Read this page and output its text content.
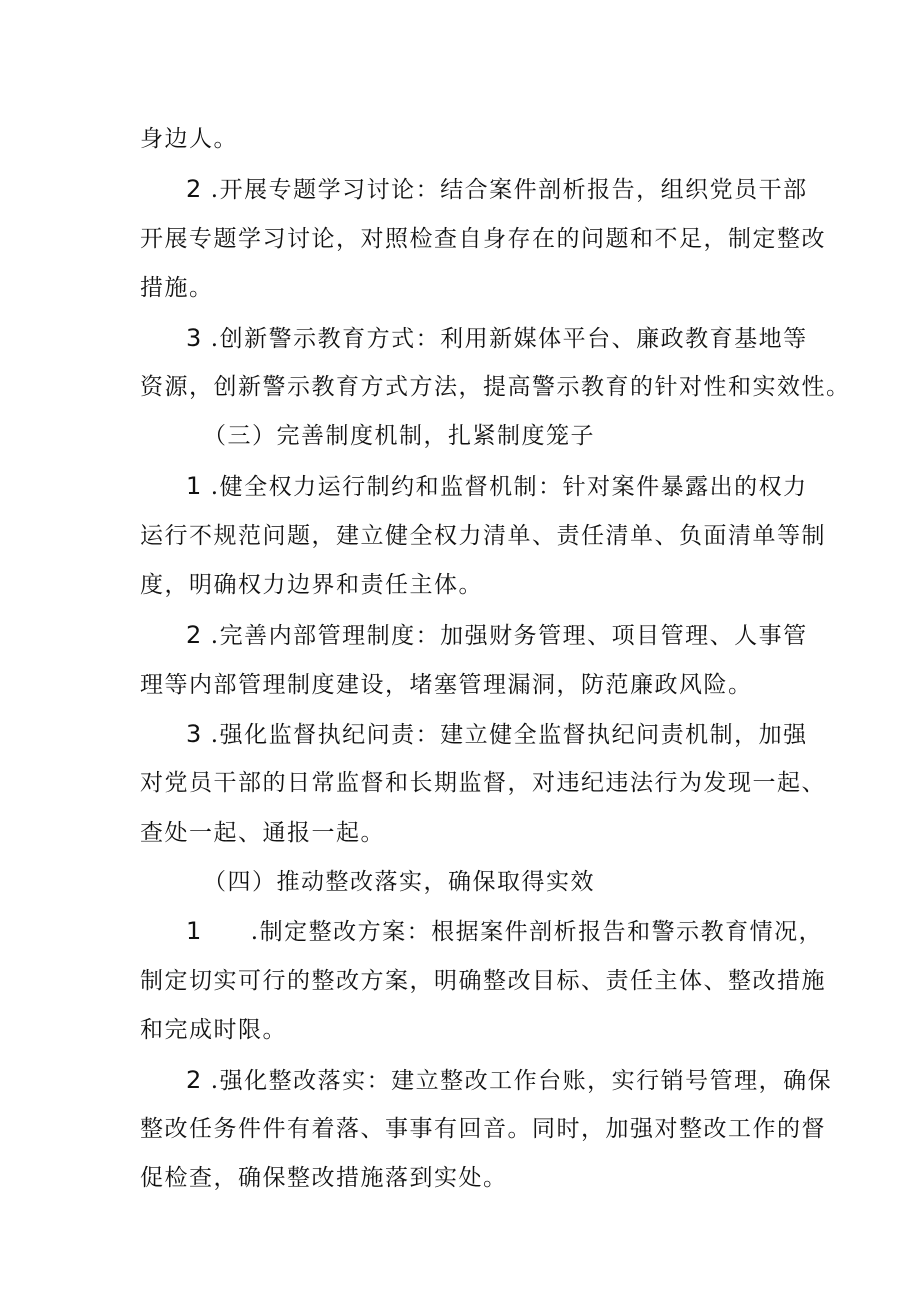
身边人。
2 .开展专题学习讨论：结合案件剖析报告，组织党员干部
开展专题学习讨论，对照检查自身存在的问题和不足，制定整改
措施。
3 .创新警示教育方式：利用新媒体平台、廉政教育基地等
资源，创新警示教育方式方法，提高警示教育的针对性和实效性。
（三）完善制度机制，扎紧制度笼子
1 .健全权力运行制约和监督机制：针对案件暴露出的权力
运行不规范问题，建立健全权力清单、责任清单、负面清单等制
度，明确权力边界和责任主体。
2 .完善内部管理制度：加强财务管理、项目管理、人事管
理等内部管理制度建设，堵塞管理漏洞，防范廉政风险。
3 .强化监督执纪问责：建立健全监督执纪问责机制，加强
对党员干部的日常监督和长期监督，对违纪违法行为发现一起、
查处一起、通报一起。
（四）推动整改落实，确保取得实效
1 .制定整改方案：根据案件剖析报告和警示教育情况，
制定切实可行的整改方案，明确整改目标、责任主体、整改措施
和完成时限。
2 .强化整改落实：建立整改工作台账，实行销号管理，确保
整改任务件件有着落、事事有回音。同时，加强对整改工作的督
促检查，确保整改措施落到实处。
